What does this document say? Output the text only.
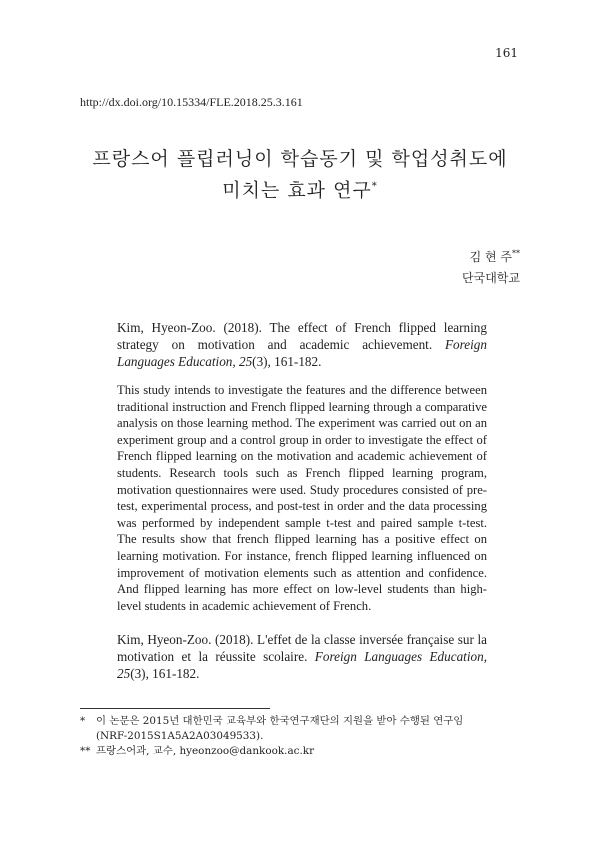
161
http://dx.doi.org/10.15334/FLE.2018.25.3.161
프랑스어 플립러닝이 학습동기 및 학업성취도에
미치는 효과 연구*
김 현 주**
단국대학교
Kim, Hyeon-Zoo. (2018). The effect of French flipped learning strategy on motivation and academic achievement. Foreign Languages Education, 25(3), 161-182.
This study intends to investigate the features and the difference between traditional instruction and French flipped learning through a comparative analysis on those learning method. The experiment was carried out on an experiment group and a control group in order to investigate the effect of French flipped learning on the motivation and academic achievement of students. Research tools such as French flipped learning program, motivation questionnaires were used. Study procedures consisted of pre-test, experimental process, and post-test in order and the data processing was performed by independent sample t-test and paired sample t-test. The results show that french flipped learning has a positive effect on learning motivation. For instance, french flipped learning influenced on improvement of motivation elements such as attention and confidence. And flipped learning has more effect on low-level students than high-level students in academic achievement of French.
Kim, Hyeon-Zoo. (2018). L'effet de la classe inversée française sur la motivation et la réussite scolaire. Foreign Languages Education, 25(3), 161-182.
*	이 논문은 2015년 대한민국 교육부와 한국연구재단의 지원을 받아 수행된 연구임
(NRF-2015S1A5A2A03049533).
** 프랑스어과, 교수, hyeonzoo@dankook.ac.kr
